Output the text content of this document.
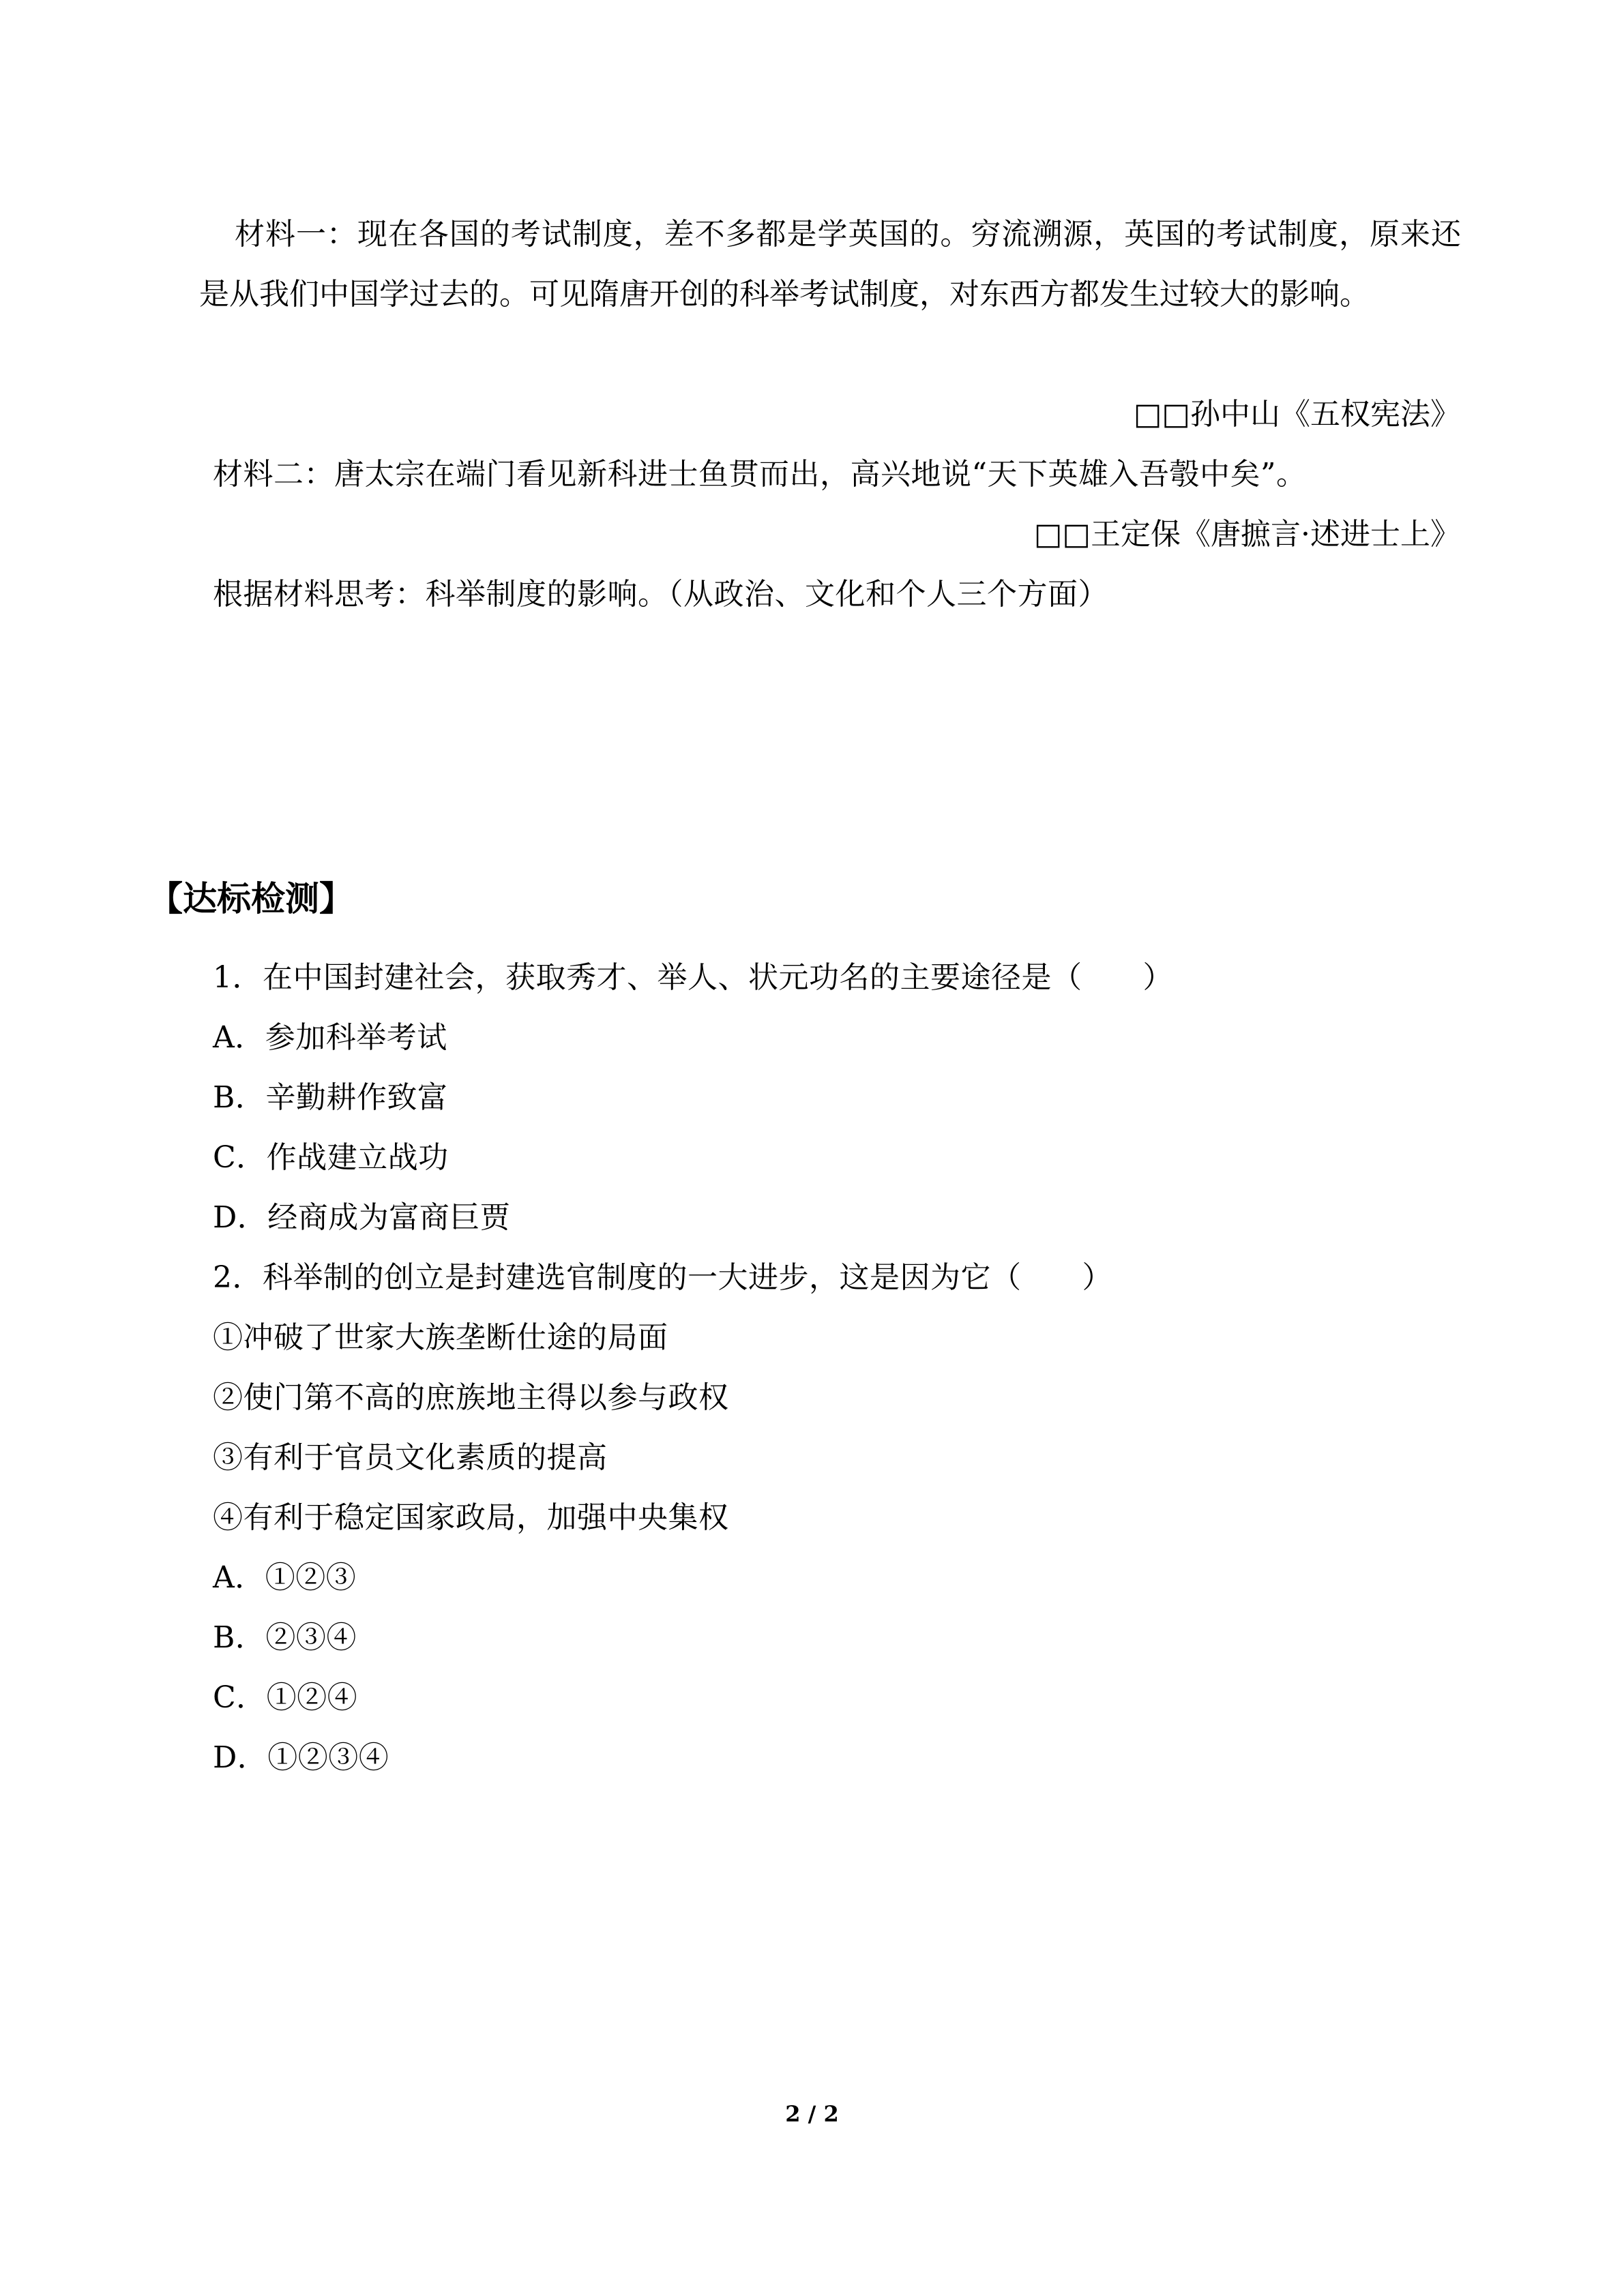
材料一：现在各国的考试制度，差不多都是学英国的。穷流溯源，英国的考试制度，原来还是从我们中国学过去的。可见隋唐开创的科举考试制度，对东西方都发生过较大的影响。
□□孙中山《五权宪法》
材料二：唐太宗在端门看见新科进士鱼贯而出，高兴地说“天下英雄入吾彀中矣”。
□□王定保《唐摭言·述进士上》
根据材料思考：科举制度的影响。（从政治、文化和个人三个方面）
【达标检测】
1．在中国封建社会，获取秀才、举人、状元功名的主要途径是（　　）
A．参加科举考试
B．辛勤耕作致富
C．作战建立战功
D．经商成为富商巨贾
2．科举制的创立是封建选官制度的一大进步，这是因为它（　　）
①冲破了世家大族垄断仕途的局面
②使门第不高的庶族地主得以参与政权
③有利于官员文化素质的提高
④有利于稳定国家政局，加强中央集权
A．①②③
B．②③④
C．①②④
D．①②③④
2 / 2
